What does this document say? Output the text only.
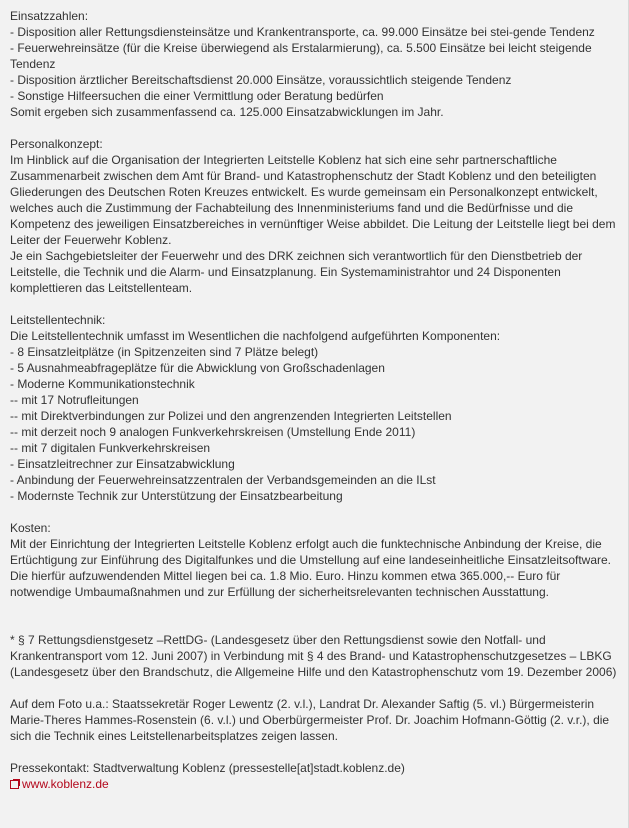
Einsatzzahlen:

- Disposition aller Rettungsdiensteinsätze und Krankentransporte, ca. 99.000 Einsätze bei stei-gende Tendenz

- Feuerwehreinsätze (für die Kreise überwiegend als Erstalarmierung), ca. 5.500 Einsätze bei leicht steigende Tendenz

- Disposition ärztlicher Bereitschaftsdienst 20.000 Einsätze, voraussichtlich steigende Tendenz

- Sonstige Hilfeersuchen die einer Vermittlung oder Beratung bedürfen

Somit ergeben sich zusammenfassend ca. 125.000 Einsatzabwicklungen im Jahr.

Personalkonzept:

Im Hinblick auf die Organisation der Integrierten Leitstelle Koblenz hat sich eine sehr partnerschaftliche Zusammenarbeit zwischen dem Amt für Brand- und Katastrophenschutz der Stadt Koblenz und den beteiligten Gliederungen des Deutschen Roten Kreuzes entwickelt. Es wurde gemeinsam ein Personalkonzept entwickelt, welches auch die Zustimmung der Fachabteilung des Innenministeriums fand und die Bedürfnisse und die Kompetenz des jeweiligen Einsatzbereiches in vernünftiger Weise abbildet. Die Leitung der Leitstelle liegt bei dem Leiter der Feuerwehr Koblenz.

Je ein Sachgebietsleiter der Feuerwehr und des DRK zeichnen sich verantwortlich für den Dienstbetrieb der Leitstelle, die Technik und die Alarm- und Einsatzplanung. Ein Systemaministrahtor und 24 Disponenten komplettieren das Leitstellenteam.

Leitstellentechnik:

Die Leitstellentechnik umfasst im Wesentlichen die nachfolgend aufgeführten Komponenten:

- 8 Einsatzleitplätze (in Spitzenzeiten sind 7 Plätze belegt)

- 5 Ausnahmeabfrageplätze für die Abwicklung von Großschadenlagen

- Moderne Kommunikationstechnik

-- mit 17 Notrufleitungen

-- mit Direktverbindungen zur Polizei und den angrenzenden Integrierten Leitstellen

-- mit derzeit noch 9 analogen Funkverkehrskreisen (Umstellung Ende 2011)

-- mit 7 digitalen Funkverkehrskreisen

- Einsatzleitrechner zur Einsatzabwicklung

- Anbindung der Feuerwehreinsatzzentralen der Verbandsgemeinden an die ILst

- Modernste Technik zur Unterstützung der Einsatzbearbeitung

Kosten:

Mit der Einrichtung der Integrierten Leitstelle Koblenz erfolgt auch die funktechnische Anbindung der Kreise, die Ertüchtigung zur Einführung des Digitalfunkes und die Umstellung auf eine landeseinheitliche Einsatzleitsoftware. Die hierfür aufzuwendenden Mittel liegen bei ca. 1.8 Mio. Euro. Hinzu kommen etwa 365.000,-- Euro für notwendige Umbaumaßnahmen und zur Erfüllung der sicherheitsrelevanten technischen Ausstattung.

* § 7 Rettungsdienstgesetz –RettDG- (Landesgesetz über den Rettungsdienst sowie den Notfall- und Krankentransport vom 12. Juni 2007) in Verbindung mit § 4 des Brand- und Katastrophenschutzgesetzes – LBKG (Landesgesetz über den Brandschutz, die Allgemeine Hilfe und den Katastrophenschutz vom 19. Dezember 2006)

Auf dem Foto u.a.: Staatssekretär Roger Lewentz (2. v.l.), Landrat Dr. Alexander Saftig (5. vl.) Bürgermeisterin Marie-Theres Hammes-Rosenstein (6. v.l.) und Oberbürgermeister Prof. Dr. Joachim Hofmann-Göttig (2. v.r.), die sich die Technik eines Leitstellenarbeitsplatzes zeigen lassen.

Pressekontakt: Stadtverwaltung Koblenz (pressestelle[at]stadt.koblenz.de)

www.koblenz.de
